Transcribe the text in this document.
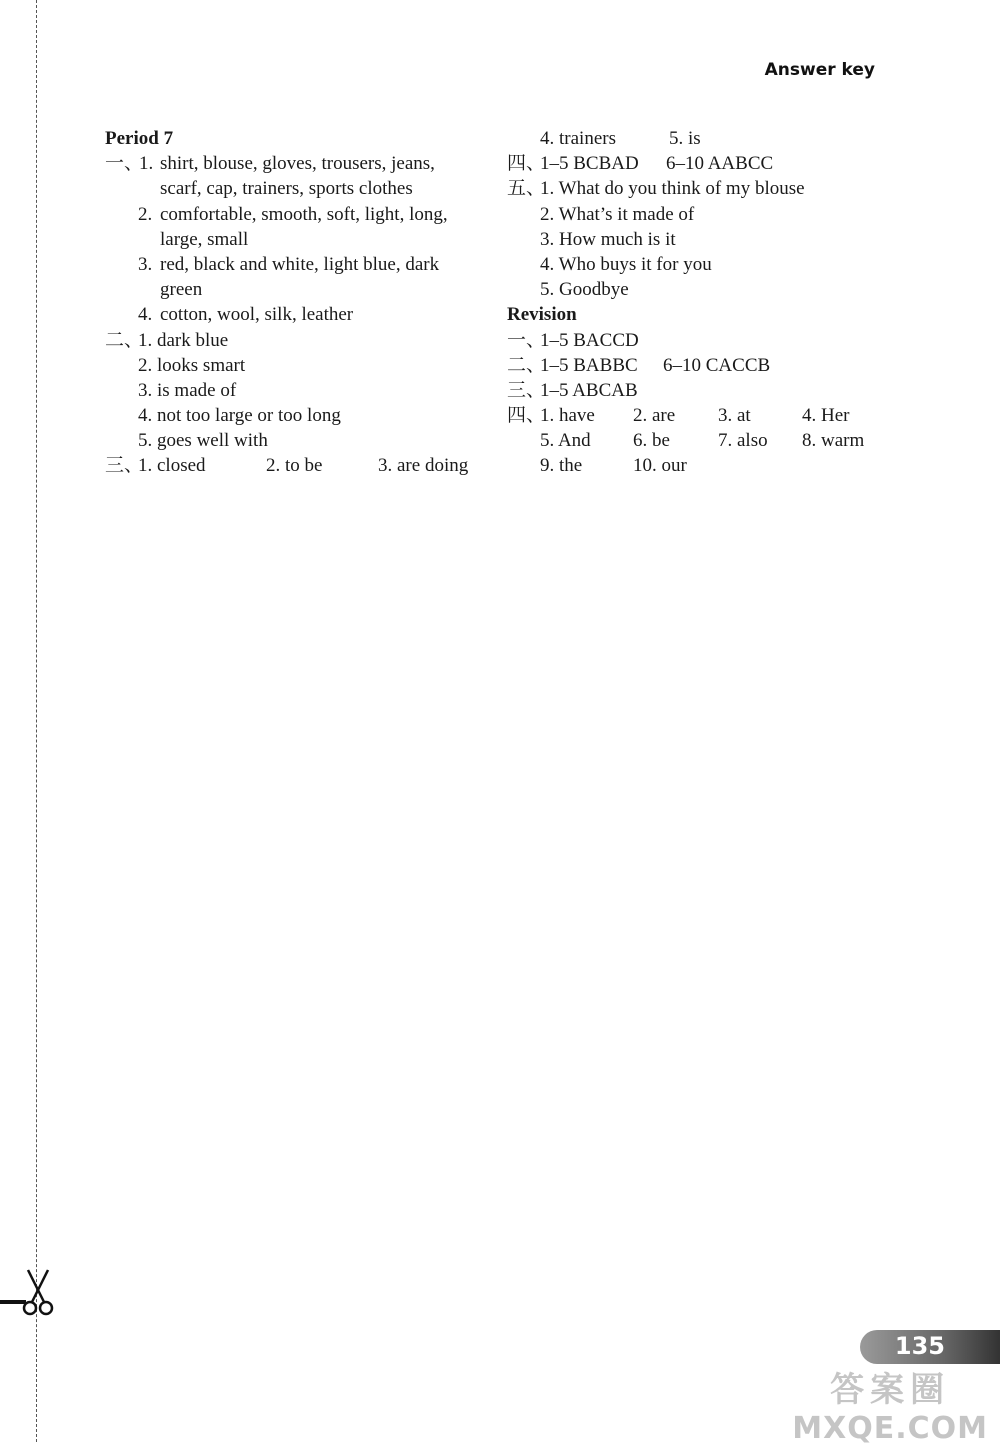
Answer key
Period 7
一、
1. shirt, blouse, gloves, trousers, jeans,
scarf, cap, trainers, sports clothes
2. comfortable, smooth, soft, light, long,
large, small
3. red, black and white, light blue, dark
green
4. cotton, wool, silk, leather
二、
1. dark blue
2. looks smart
3. is made of
4. not too large or too long
5. goes well with
三、
1. closed	2. to be	3. are doing
4. trainers	5. is
四、
1–5 BCBAD 6–10 AABCC
五、
1. What do you think of my blouse
2. What’s it made of
3. How much is it
4. Who buys it for you
5. Goodbye
Revision
一、
1–5 BACCD
二、
1–5 BABBC 6–10 CACCB
三、
1–5 ABCAB
四、
1. have 2. are 3. at	4. Her
5. And 6. be	7. also 8. warm
9. the	10. our
135
答案圈
MXQE.COM
